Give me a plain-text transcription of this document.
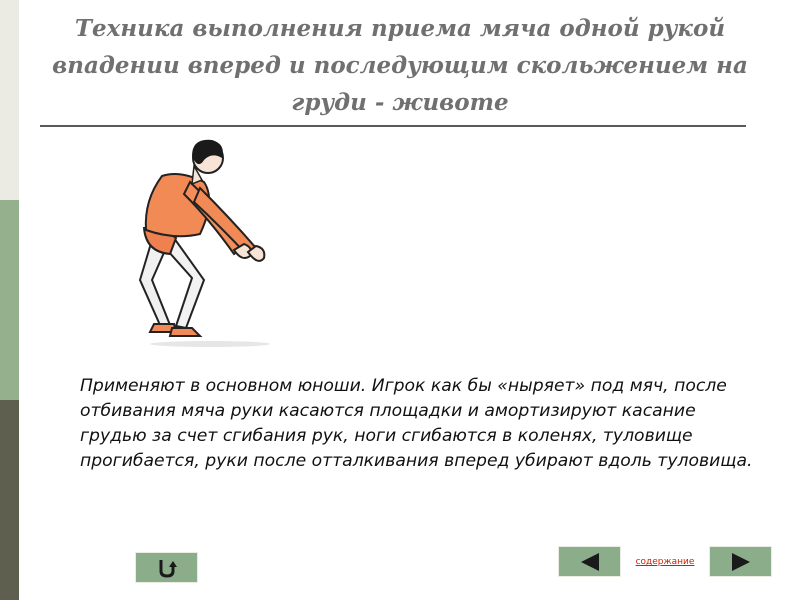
Техника выполнения приема мяча одной рукой впадении вперед и последующим скольжением на груди - животе

Применяют в основном юноши. Игрок как бы «ныряет» под мяч, после отбивания мяча руки касаются площадки и амортизируют касание грудью за счет сгибания рук, ноги сгибаются в коленях, туловище прогибается, руки после отталкивания вперед убирают вдоль туловища.

содержание
